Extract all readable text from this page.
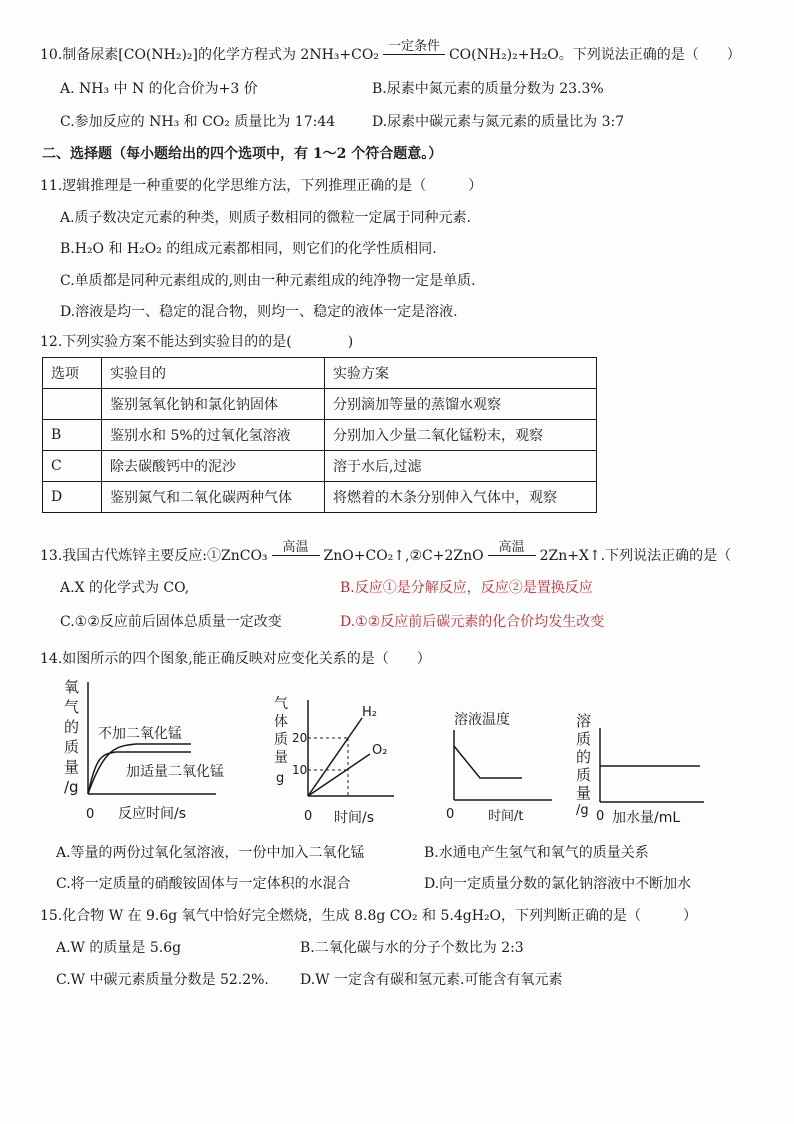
10.制备尿素[CO(NH₂)₂]的化学方程式为 2NH₃+CO₂
一定条件
CO(NH₂)₂+H₂O。下列说法正确的是（　　）
A. NH₃ 中 N 的化合价为+3 价	B.尿素中氮元素的质量分数为 23.3%
C.参加反应的 NH₃ 和 CO₂ 质量比为 17:44	D.尿素中碳元素与氮元素的质量比为 3:7
二、选择题（每小题给出的四个选项中，有 1～2 个符合题意。）
11.逻辑推理是一种重要的化学思维方法，下列推理正确的是（　　　）
A.质子数决定元素的种类，则质子数相同的微粒一定属于同种元素.
B.H₂O 和 H₂O₂ 的组成元素都相同，则它们的化学性质相同.
C.单质都是同种元素组成的,则由一种元素组成的纯净物一定是单质.
D.溶液是均一、稳定的混合物，则均一、稳定的液体一定是溶液.
12.下列实验方案不能达到实验目的的是(　　　　)
选项	实验目的	实验方案
	鉴别氢氧化钠和氯化钠固体	分别滴加等量的蒸馏水观察
B	鉴别水和 5%的过氧化氢溶液	分别加入少量二氧化锰粉末，观察
C	除去碳酸钙中的泥沙	溶于水后,过滤
D	鉴别氮气和二氧化碳两种气体	将燃着的木条分别伸入气体中，观察
13.我国古代炼锌主要反应:①ZnCO₃
高温
ZnO+CO₂↑,②C+2ZnO
高温
2Zn+X↑.下列说法正确的是（
A.X 的化学式为 CO,	B.反应①是分解反应，反应②是置换反应
C.①②反应前后固体总质量一定改变	D.①②反应前后碳元素的化合价均发生改变
14.如图所示的四个图象,能正确反映对应变化关系的是（　　）
氧
气
的
质
量
/g
不加二氧化锰
加适量二氧化锰
0 反应时间/s
气
体
质
量
g
20
10
H₂
O₂
0 时间/s
溶液温度
0	时间/t
溶
质
的
质
量
/g 0 加水量/mL
A.等量的两份过氧化氢溶液，一份中加入二氧化锰	B.水通电产生氢气和氧气的质量关系
C.将一定质量的硝酸铵固体与一定体积的水混合	D.向一定质量分数的氯化钠溶液中不断加水
15.化合物 W 在 9.6g 氧气中恰好完全燃烧，生成 8.8g CO₂ 和 5.4gH₂O，下列判断正确的是（　　　）
A.W 的质量是 5.6g	B.二氧化碳与水的分子个数比为 2:3
C.W 中碳元素质量分数是 52.2%. D.W 一定含有碳和氢元素.可能含有氧元素
